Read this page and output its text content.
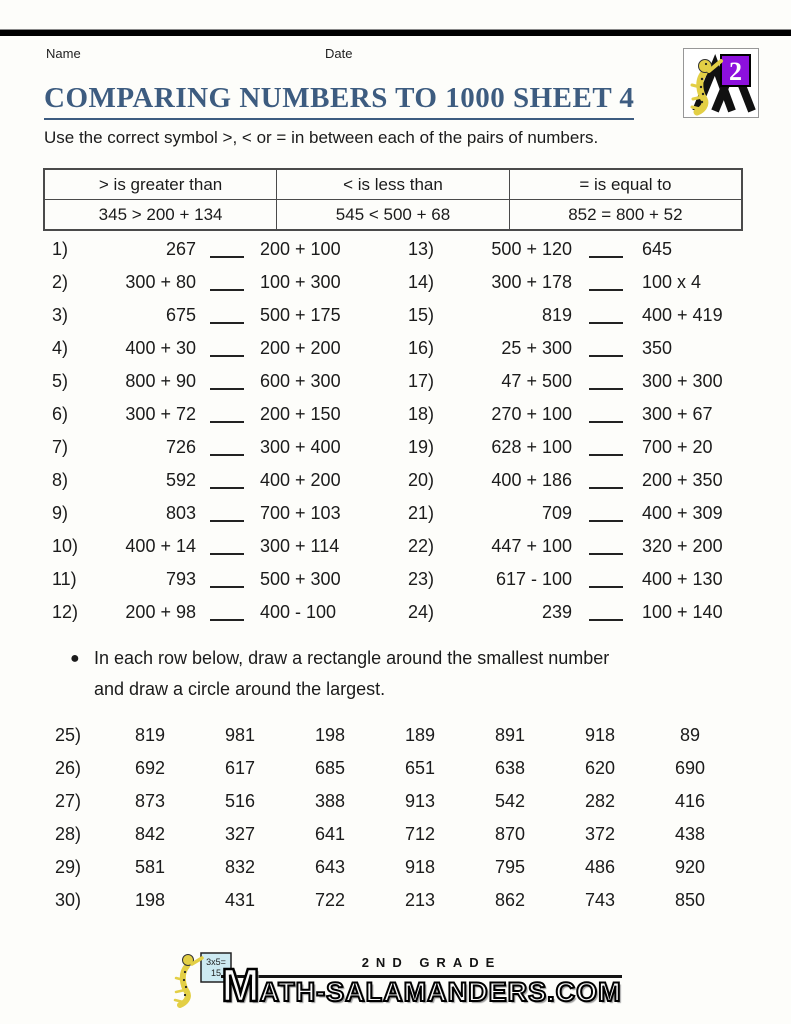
Name	Date
2
COMPARING NUMBERS TO 1000 SHEET 4
Use the correct symbol >, < or = in between each of the pairs of numbers.
> is greater than	< is less than	= is equal to
345 > 200 + 134	545 < 500 + 68	852 = 800 + 52
1)	267	200 + 100
2)	300 + 80	100 + 300
3)	675	500 + 175
4)	400 + 30	200 + 200
5)	800 + 90	600 + 300
6)	300 + 72	200 + 150
7)	726	300 + 400
8)	592	400 + 200
9)	803	700 + 103
10)	400 + 14	300 + 114
11)	793	500 + 300
12)	200 + 98	400 - 100
13)	500 + 120	645
14)	300 + 178	100 x 4
15)	819	400 + 419
16)	25 + 300	350
17)	47 + 500	300 + 300
18)	270 + 100	300 + 67
19)	628 + 100	700 + 20
20)	400 + 186	200 + 350
21)	709	400 + 309
22)	447 + 100	320 + 200
23)	617 - 100	400 + 130
24)	239	100 + 140
● In each row below, draw a rectangle around the smallest number
and draw a circle around the largest.
25)	819	981	198	189	891	918	89
26)	692	617	685	651	638	620	690
27)	873	516	388	913	542	282	416
28)	842	327	641	712	870	372	438
29)	581	832	643	918	795	486	920
30)	198	431	722	213	862	743	850
3x5=
15
2ND GRADE
M ATH-SALAMANDERS.COM
